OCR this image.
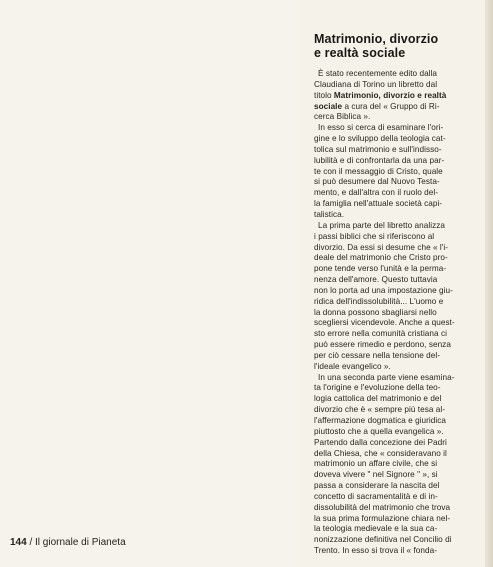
Matrimonio, divorzio
e realtà sociale

È stato recentemente edito dalla
Claudiana di Torino un libretto dal
titolo Matrimonio, divorzio e realtà
sociale a cura del « Gruppo di Ri-
cerca Biblica ».

In esso si cerca di esaminare l'ori-
gine e lo sviluppo della teologia cat-
tolica sul matrimonio e sull'indisso-
lubilità e di confrontarla da una par-
te con il messaggio di Cristo, quale
si può desumere dal Nuovo Testa-
mento, e dall'altra con il ruolo del-
la famiglia nell'attuale società capi-
talistica.

La prima parte del libretto analizza
i passi biblici che si riferiscono al
divorzio. Da essi si desume che « l'i-
deale del matrimonio che Cristo pro-
pone tende verso l'unità e la perma-
nenza dell'amore. Questo tuttavia
non lo porta ad una impostazione giu-
ridica dell'indissolubilità... L'uomo e
la donna possono sbagliarsi nello
scegliersi vicendevole. Anche a quest-
sto errore nella comunità cristiana ci
può essere rimedio e perdono, senza
per ciò cessare nella tensione del-
l'ideale evangelico ».

In una seconda parte viene esamina-
ta l'origine e l'evoluzione della teo-
logia cattolica del matrimonio e del
divorzio che è « sempre più tesa al-
l'affermazione dogmatica e giuridica
piuttosto che a quella evangelica ».
Partendo dalla concezione dei Padri
della Chiesa, che « consideravano il
matrimonio un affare civile, che si
doveva vivere " nel Signore " », si
passa a considerare la nascita del
concetto di sacramentalità e di in-
dissolubilità del matrimonio che trova
la sua prima formulazione chiara nel-
la teologia medievale e la sua ca-
nonizzazione definitiva nel Concilio di
Trento. In esso si trova il « fonda-

144 / Il giornale di Pianeta
